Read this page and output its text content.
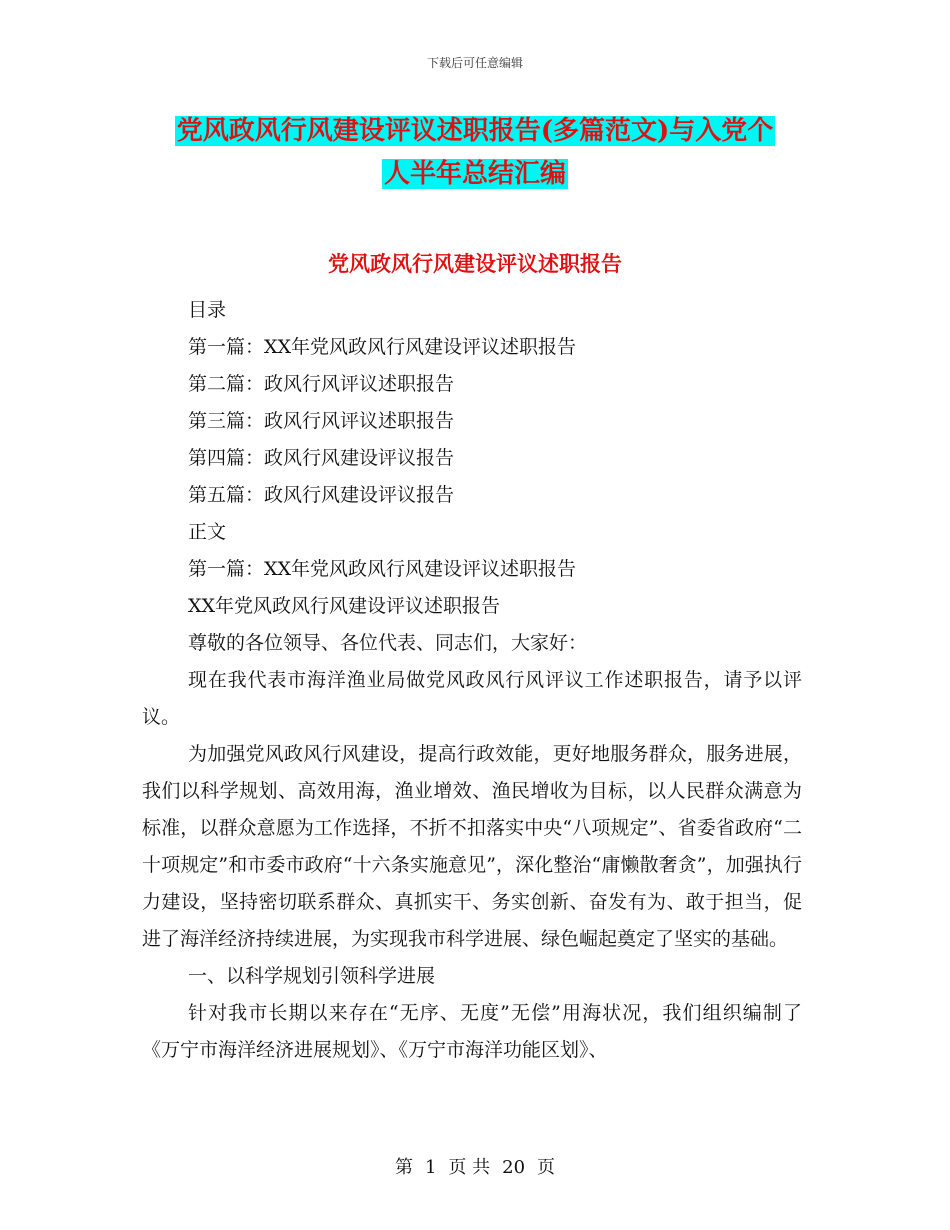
下载后可任意编辑
党风政风行风建设评议述职报告(多篇范文)与入党个
人半年总结汇编
党风政风行风建设评议述职报告

目录

第一篇：XX年党风政风行风建设评议述职报告

第二篇：政风行风评议述职报告

第三篇：政风行风评议述职报告

第四篇：政风行风建设评议报告

第五篇：政风行风建设评议报告

正文

第一篇：XX年党风政风行风建设评议述职报告

XX年党风政风行风建设评议述职报告

尊敬的各位领导、各位代表、同志们，大家好：

现在我代表市海洋渔业局做党风政风行风评议工作述职报告，请予以评议。

为加强党风政风行风建设，提高行政效能，更好地服务群众，服务进展，我们以科学规划、高效用海，渔业增效、渔民增收为目标，以人民群众满意为标准，以群众意愿为工作选择，不折不扣落实中央“八项规定”、省委省政府“二十项规定”和市委市政府“十六条实施意见”，深化整治“庸懒散奢贪”，加强执行力建设，坚持密切联系群众、真抓实干、务实创新、奋发有为、敢于担当，促进了海洋经济持续进展，为实现我市科学进展、绿色崛起奠定了坚实的基础。

一、以科学规划引领科学进展

针对我市长期以来存在“无序、无度”无偿”用海状况，我们组织编制了《万宁市海洋经济进展规划》、《万宁市海洋功能区划》、

第 1 页 共 20 页
